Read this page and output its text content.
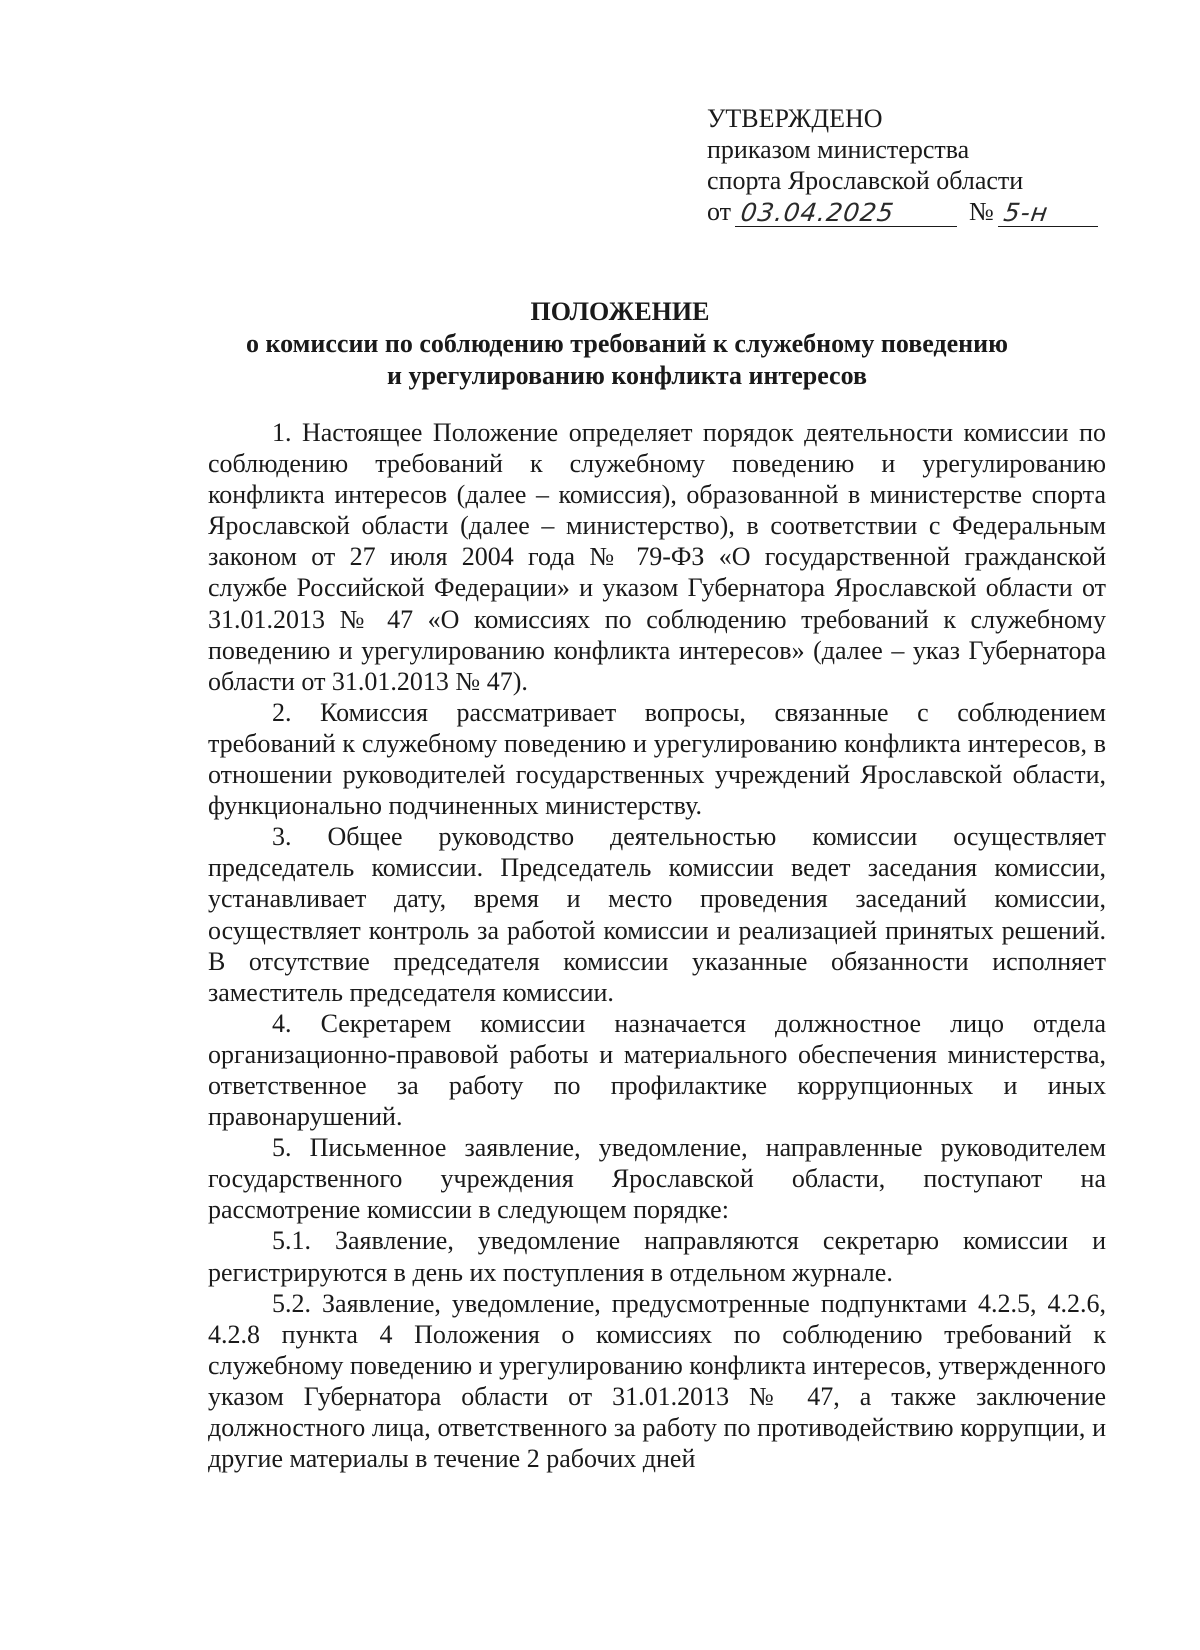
УТВЕРЖДЕНО
приказом министерства
спорта Ярославской области
от 03.04.2025	№ 5-н
ПОЛОЖЕНИЕ
о комиссии по соблюдению требований к служебному поведению
и урегулированию конфликта интересов

1. Настоящее Положение определяет порядок деятельности комиссии по соблюдению требований к служебному поведению и урегулированию конфликта интересов (далее – комиссия), образованной в министерстве спорта Ярославской области (далее – министерство), в соответствии с Федеральным законом от 27 июля 2004 года № 79-ФЗ «О государственной гражданской службе Российской Федерации» и указом Губернатора Ярославской области от 31.01.2013 № 47 «О комиссиях по соблюдению требований к служебному поведению и урегулированию конфликта интересов» (далее – указ Губернатора области от 31.01.2013 № 47).

2. Комиссия рассматривает вопросы, связанные с соблюдением требований к служебному поведению и урегулированию конфликта интересов, в отношении руководителей государственных учреждений Ярославской области, функционально подчиненных министерству.

3. Общее руководство деятельностью комиссии осуществляет председатель комиссии. Председатель комиссии ведет заседания комиссии, устанавливает дату, время и место проведения заседаний комиссии, осуществляет контроль за работой комиссии и реализацией принятых решений. В отсутствие председателя комиссии указанные обязанности исполняет заместитель председателя комиссии.

4. Секретарем комиссии назначается должностное лицо отдела организационно-правовой работы и материального обеспечения министерства, ответственное за работу по профилактике коррупционных и иных правонарушений.

5. Письменное заявление, уведомление, направленные руководителем государственного учреждения Ярославской области, поступают на рассмотрение комиссии в следующем порядке:

5.1. Заявление, уведомление направляются секретарю комиссии и регистрируются в день их поступления в отдельном журнале.

5.2. Заявление, уведомление, предусмотренные подпунктами 4.2.5, 4.2.6, 4.2.8 пункта 4 Положения о комиссиях по соблюдению требований к служебному поведению и урегулированию конфликта интересов, утвержденного указом Губернатора области от 31.01.2013 № 47, а также заключение должностного лица, ответственного за работу по противодействию коррупции, и другие материалы в течение 2 рабочих дней
